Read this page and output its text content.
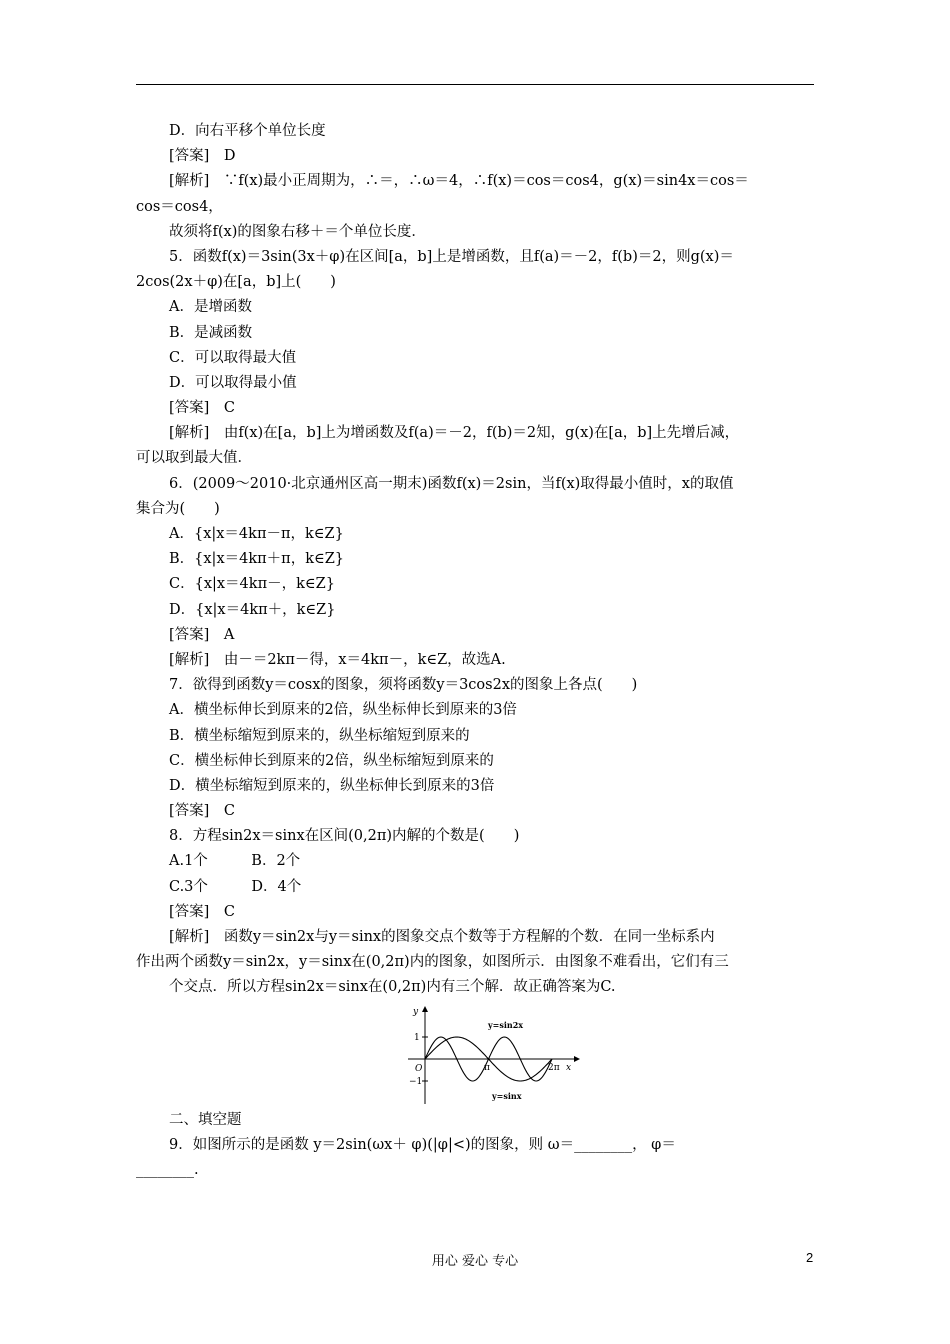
D．向右平移个单位长度
[答案]　D
[解析]　∵f(x)最小正周期为，∴＝，∴ω＝4，∴f(x)＝cos＝cos4，g(x)＝sin4x＝cos＝
cos＝cos4，
故须将f(x)的图象右移＋＝个单位长度．
5．函数f(x)＝3sin(3x＋φ)在区间[a，b]上是增函数，且f(a)＝－2，f(b)＝2，则g(x)＝
2cos(2x＋φ)在[a，b]上(　　)
A．是增函数
B．是减函数
C．可以取得最大值
D．可以取得最小值
[答案]　C
[解析]　由f(x)在[a，b]上为增函数及f(a)＝－2，f(b)＝2知，g(x)在[a，b]上先增后减，
可以取到最大值．
6．(2009～2010·北京通州区高一期末)函数f(x)＝2sin，当f(x)取得最小值时，x的取值
集合为(　　)
A．{x|x＝4kπ－π，k∈Z}
B．{x|x＝4kπ＋π，k∈Z}
C．{x|x＝4kπ－，k∈Z}
D．{x|x＝4kπ＋，k∈Z}
[答案]　A
[解析]　由－＝2kπ－得，x＝4kπ－，k∈Z，故选A.
7．欲得到函数y＝cosx的图象，须将函数y＝3cos2x的图象上各点(　　)
A．横坐标伸长到原来的2倍，纵坐标伸长到原来的3倍
B．横坐标缩短到原来的，纵坐标缩短到原来的
C．横坐标伸长到原来的2倍，纵坐标缩短到原来的
D．横坐标缩短到原来的，纵坐标伸长到原来的3倍
[答案]　C
8．方程sin2x＝sinx在区间(0,2π)内解的个数是(　　)
A.1个　　　B．2个
C.3个　　　D．4个
[答案]　C
[解析]　函数y＝sin2x与y＝sinx的图象交点个数等于方程解的个数．在同一坐标系内
作出两个函数y＝sin2x，y＝sinx在(0,2π)内的图象，如图所示．由图象不难看出，它们有三
个交点．所以方程sin2x＝sinx在(0,2π)内有三个解．故正确答案为C.
y
1
−1
O	π	2π x
y=sin2x
y=sinx
二、填空题
9．如图所示的是函数 y＝2sin(ωx＋ φ)(|φ|<)的图象，则 ω＝________， φ＝
________.
用心 爱心 专心	2
